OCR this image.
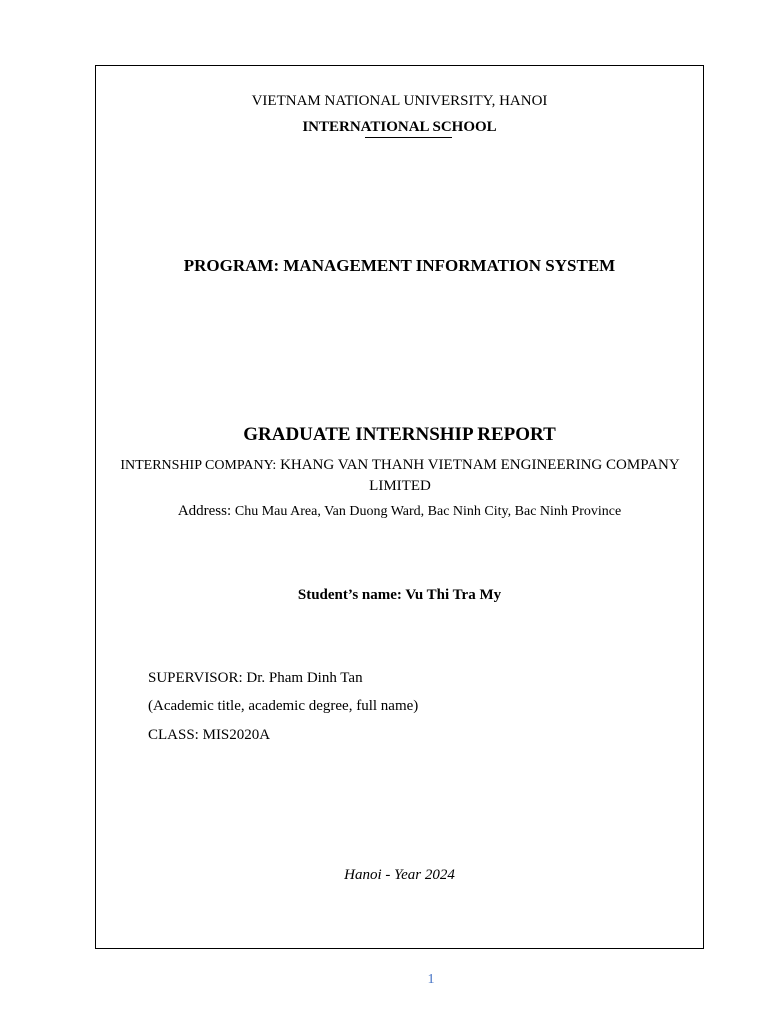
VIETNAM NATIONAL UNIVERSITY, HANOI
INTERNATIONAL SCHOOL
PROGRAM: MANAGEMENT INFORMATION SYSTEM
GRADUATE INTERNSHIP REPORT
INTERNSHIP COMPANY: KHANG VAN THANH VIETNAM ENGINEERING COMPANY LIMITED
Address: Chu Mau Area, Van Duong Ward, Bac Ninh City, Bac Ninh Province
Student’s name: Vu Thi Tra My
SUPERVISOR: Dr. Pham Dinh Tan
(Academic title, academic degree, full name)
CLASS: MIS2020A
Hanoi - Year 2024
1
